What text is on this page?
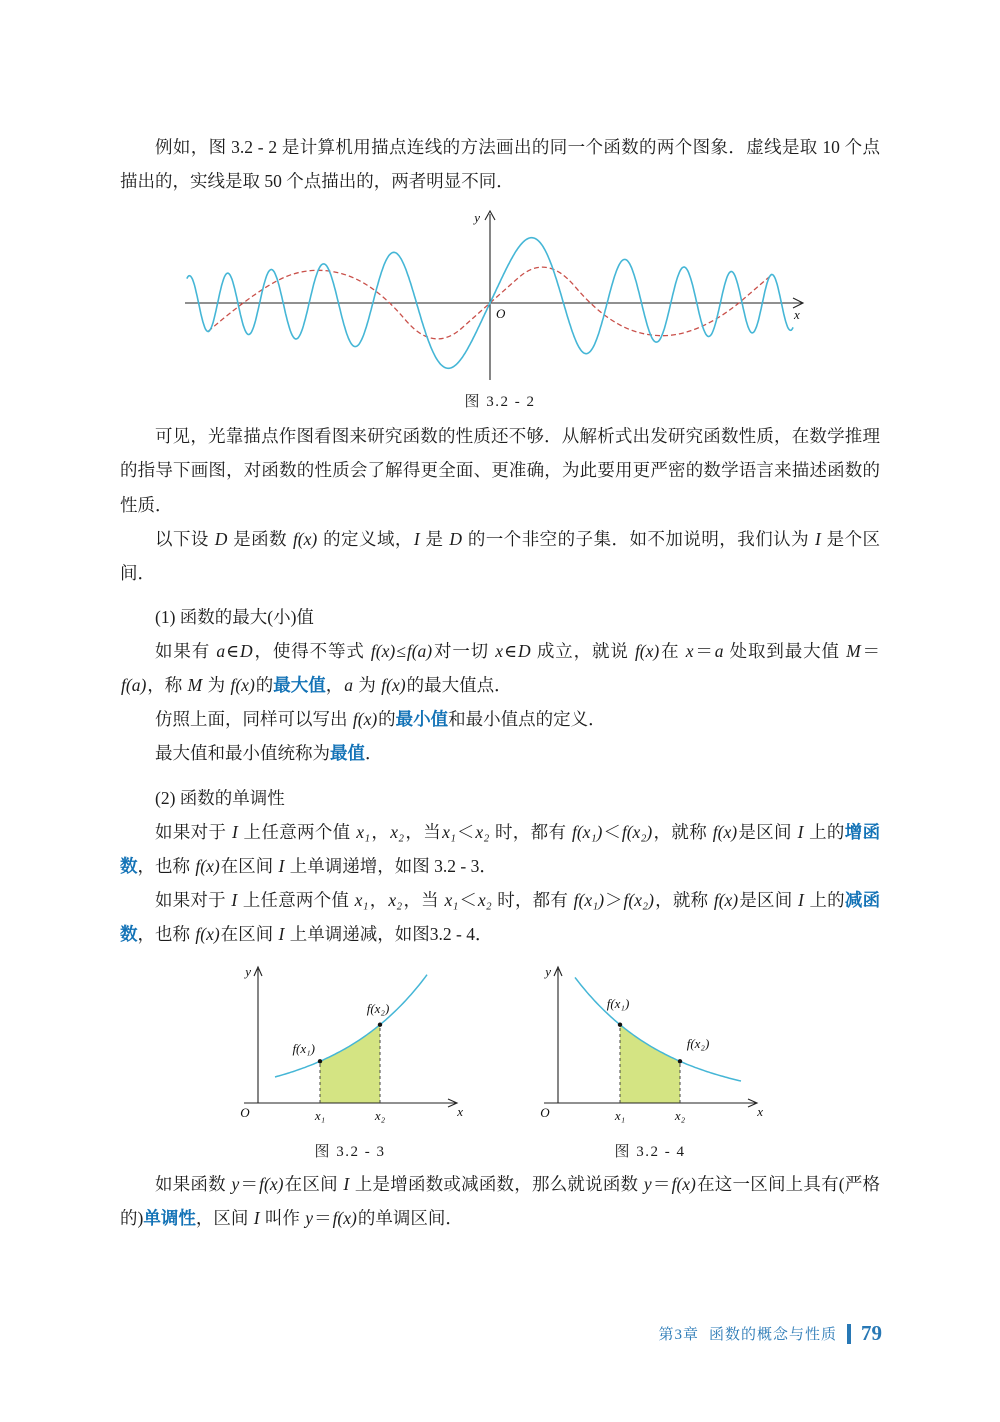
例如，图 3.2 - 2 是计算机用描点连线的方法画出的同一个函数的两个图象．虚线是取 10 个点描出的，实线是取 50 个点描出的，两者明显不同．

y
x
O
图 3.2 - 2

可见，光靠描点作图看图来研究函数的性质还不够．从解析式出发研究函数性质，在数学推理的指导下画图，对函数的性质会了解得更全面、更准确，为此要用更严密的数学语言来描述函数的性质．

以下设 D 是函数 f(x) 的定义域，I 是 D 的一个非空的子集．如不加说明，我们认为 I 是个区间．

(1) 函数的最大(小)值

如果有 a∈D，使得不等式 f(x)≤f(a)对一切 x∈D 成立，就说 f(x)在 x＝a 处取到最大值 M＝f(a)，称 M 为 f(x)的最大值，a 为 f(x)的最大值点．

仿照上面，同样可以写出 f(x)的最小值和最小值点的定义．

最大值和最小值统称为最值．

(2) 函数的单调性

如果对于 I 上任意两个值 x₁，x₂，当x₁＜x₂ 时，都有 f(x₁)＜f(x₂)，就称 f(x)是区间 I 上的增函数，也称 f(x)在区间 I 上单调递增，如图 3.2 - 3．

如果对于 I 上任意两个值 x₁，x₂，当 x₁＜x₂ 时，都有 f(x₁)＞f(x₂)，就称 f(x)是区间 I 上的减函数，也称 f(x)在区间 I 上单调递减，如图3.2 - 4．

y
x
O	x₁	x₂
f(x₁)
f(x₂)
图 3.2 - 3
y
x
O	x₁	x₂
f(x₁)
f(x₂)
图 3.2 - 4

如果函数 y＝f(x)在区间 I 上是增函数或减函数，那么就说函数 y＝f(x)在这一区间上具有(严格的)单调性，区间 I 叫作 y＝f(x)的单调区间．

第3章 函数的概念与性质 79
